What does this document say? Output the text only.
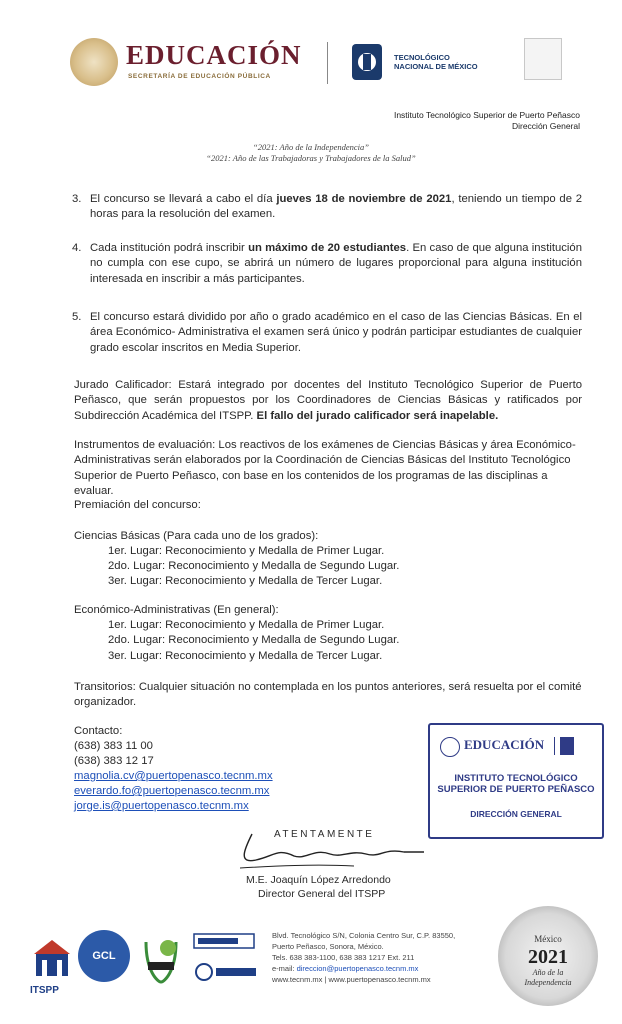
EDUCACIÓN
SECRETARÍA DE EDUCACIÓN PÚBLICA
TECNOLÓGICO
NACIONAL DE MÉXICO
Instituto Tecnológico Superior de Puerto Peñasco
Dirección General
“2021: Año de la Independencia”
“2021: Año de las Trabajadoras y Trabajadores de la Salud”
3. El concurso se llevará a cabo el día jueves 18 de noviembre de 2021, teniendo un tiempo de 2 horas para la resolución del examen.
4. Cada institución podrá inscribir un máximo de 20 estudiantes. En caso de que alguna institución no cumpla con ese cupo, se abrirá un número de lugares proporcional para alguna institución interesada en inscribir a más participantes.
5. El concurso estará dividido por año o grado académico en el caso de las Ciencias Básicas. En el área Económico- Administrativa el examen será único y podrán participar estudiantes de cualquier grado escolar inscritos en Media Superior.
Jurado Calificador: Estará integrado por docentes del Instituto Tecnológico Superior de Puerto Peñasco, que serán propuestos por los Coordinadores de Ciencias Básicas y ratificados por Subdirección Académica del ITSPP. El fallo del jurado calificador será inapelable.
Instrumentos de evaluación: Los reactivos de los exámenes de Ciencias Básicas y área Económico-Administrativas serán elaborados por la Coordinación de Ciencias Básicas del Instituto Tecnológico Superior de Puerto Peñasco, con base en los contenidos de los programas de las disciplinas a evaluar.
Premiación del concurso:
Ciencias Básicas (Para cada uno de los grados):
1er. Lugar: Reconocimiento y Medalla de Primer Lugar.
2do. Lugar: Reconocimiento y Medalla de Segundo Lugar.
3er. Lugar: Reconocimiento y Medalla de Tercer Lugar.
Económico-Administrativas (En general):
1er. Lugar: Reconocimiento y Medalla de Primer Lugar.
2do. Lugar: Reconocimiento y Medalla de Segundo Lugar.
3er. Lugar: Reconocimiento y Medalla de Tercer Lugar.
Transitorios: Cualquier situación no contemplada en los puntos anteriores, será resuelta por el comité organizador.
Contacto:
(638) 383 11 00
(638) 383 12 17
magnolia.cv@puertopenasco.tecnm.mx
everardo.fo@puertopenasco.tecnm.mx
jorge.is@puertopenasco.tecnm.mx
ATENTAMENTE
M.E. Joaquín López Arredondo
Director General del ITSPP
EDUCACIÓN
INSTITUTO TECNOLÓGICO
SUPERIOR DE PUERTO PEÑASCO
DIRECCIÓN GENERAL
ITSPP
GCL
Blvd. Tecnológico S/N, Colonia Centro Sur, C.P. 83550,
Puerto Peñasco, Sonora, México.
Tels. 638 383-1100, 638 383 1217 Ext. 211
e-mail: direccion@puertopenasco.tecnm.mx
www.tecnm.mx | www.puertopenasco.tecnm.mx
México
2021
Año de la
Independencia
